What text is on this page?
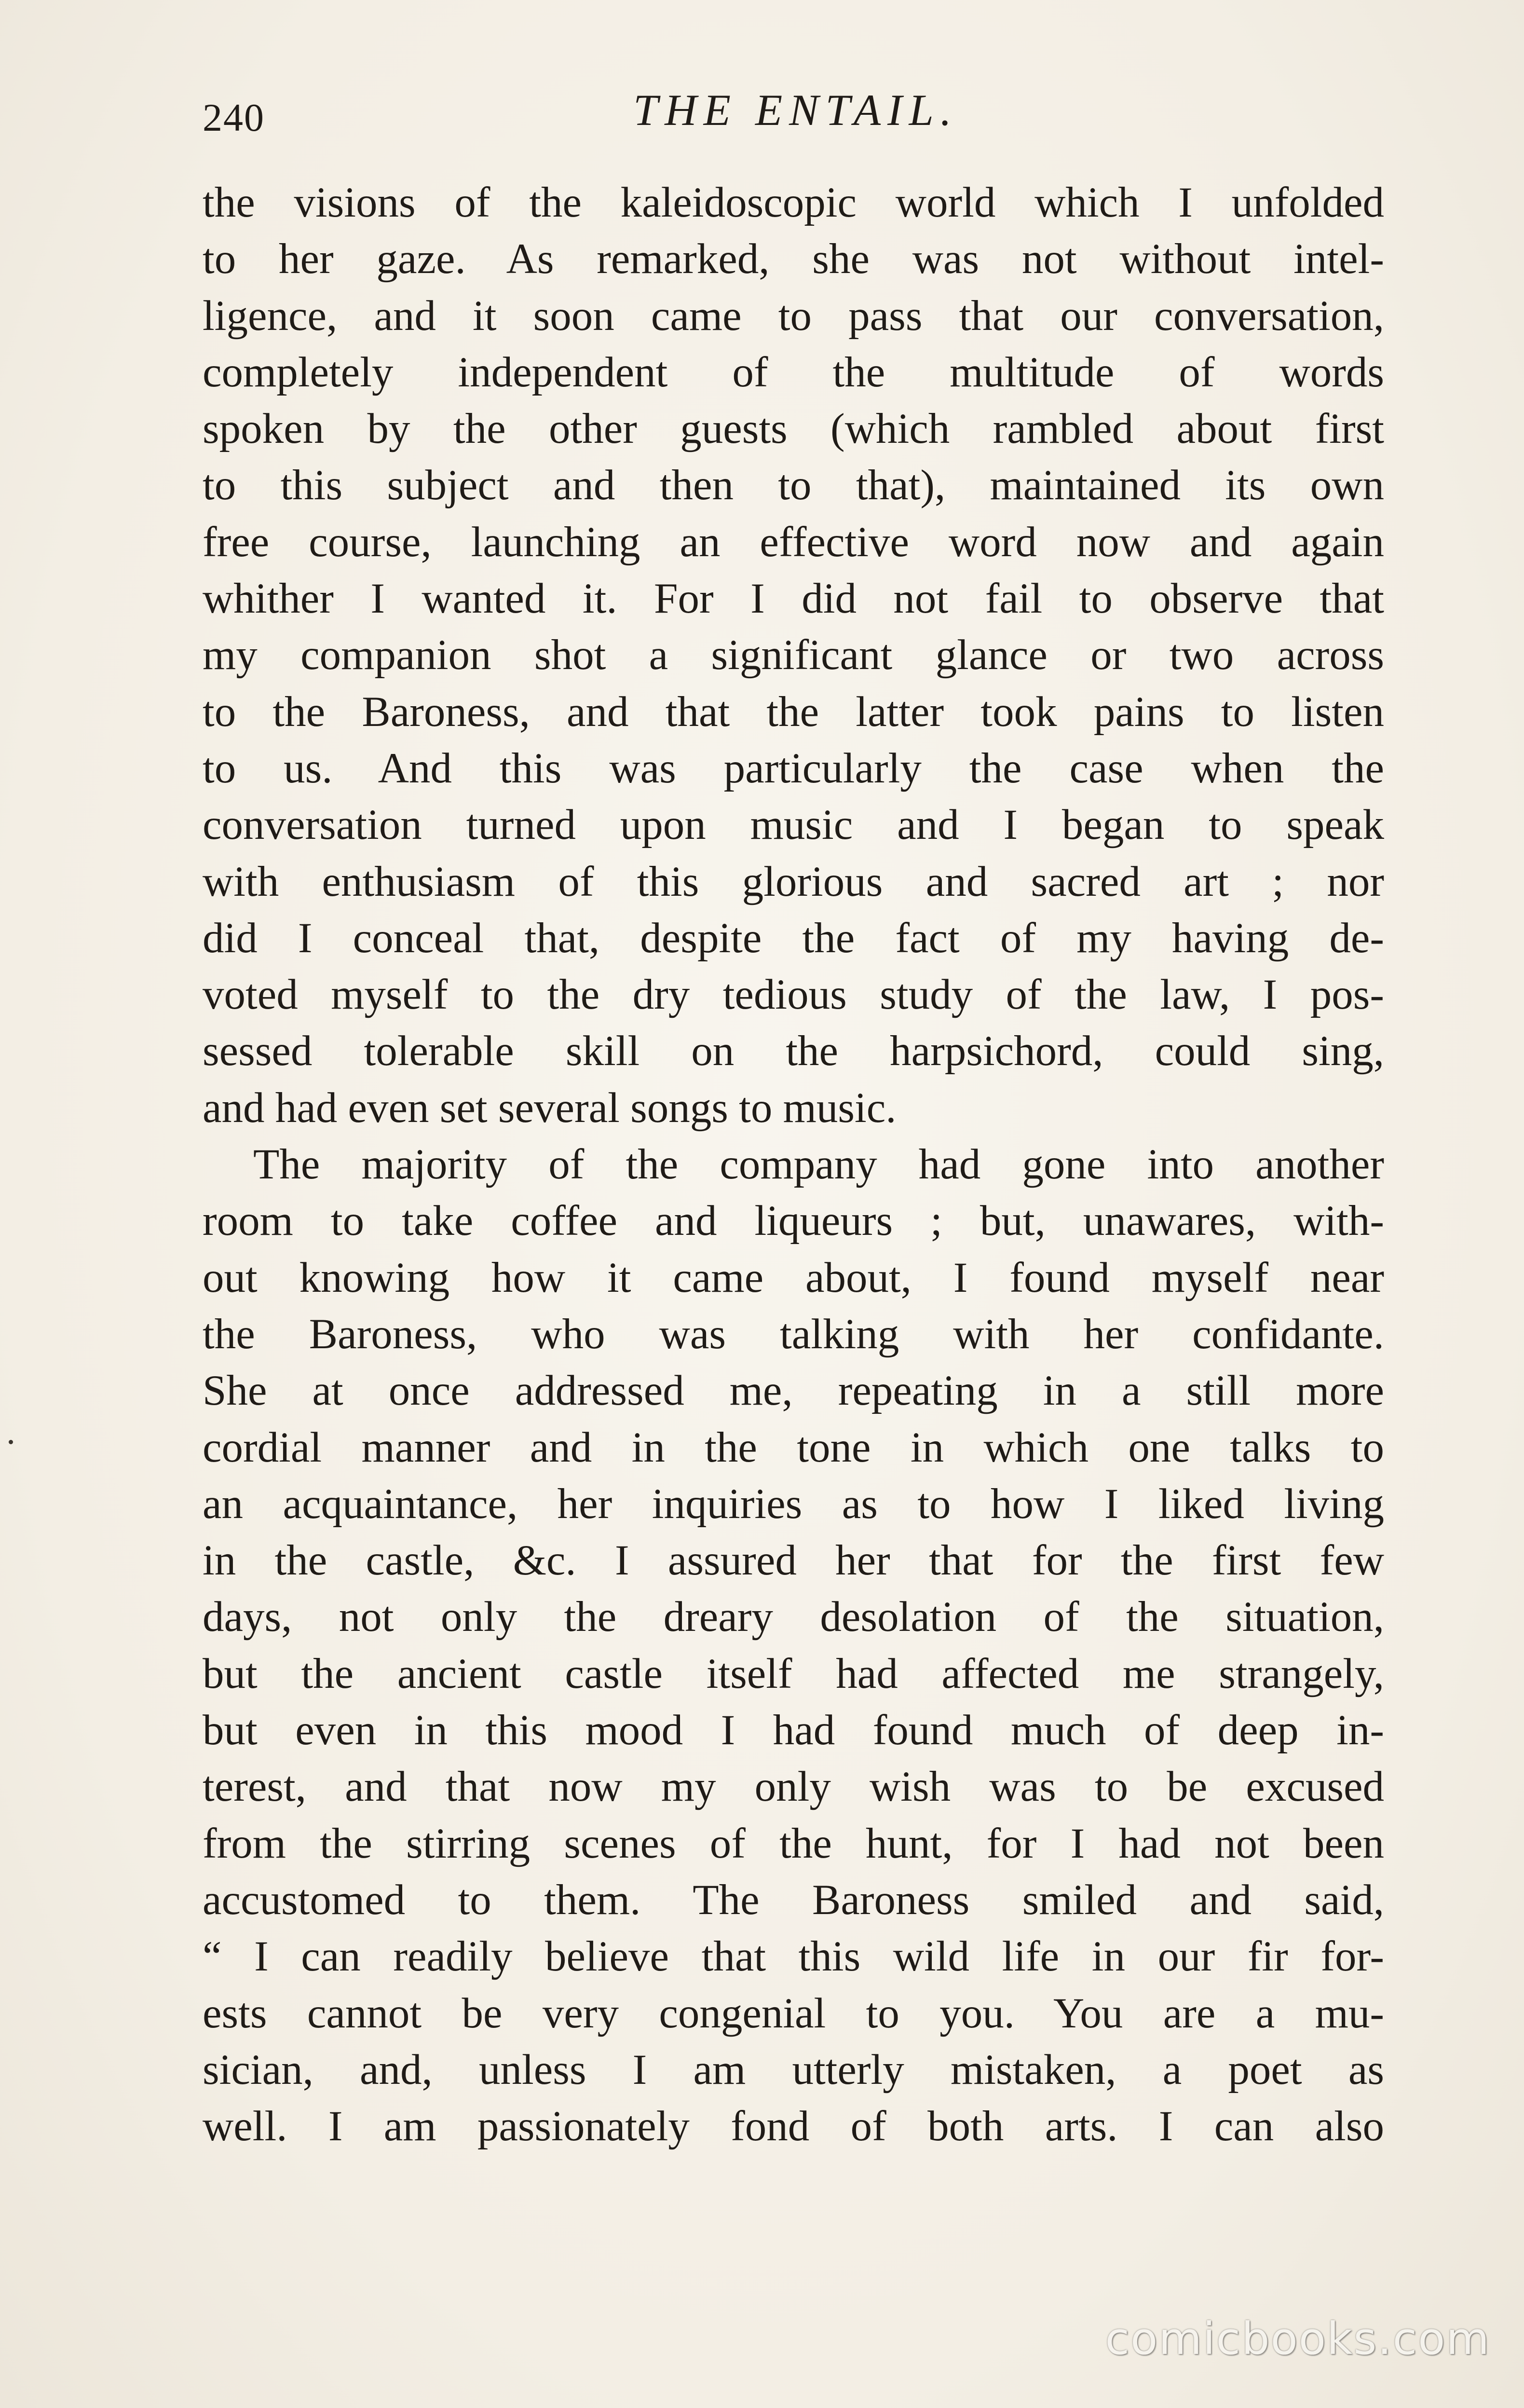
240	THE ENTAIL.
the visions of the kaleidoscopic world which I unfolded
to her gaze. As remarked, she was not without intel-
ligence, and it soon came to pass that our conversation,
completely independent of the multitude of words
spoken by the other guests (which rambled about first
to this subject and then to that), maintained its own
free course, launching an effective word now and again
whither I wanted it. For I did not fail to observe that
my companion shot a significant glance or two across
to the Baroness, and that the latter took pains to listen
to us. And this was particularly the case when the
conversation turned upon music and I began to speak
with enthusiasm of this glorious and sacred art ; nor
did I conceal that, despite the fact of my having de-
voted myself to the dry tedious study of the law, I pos-
sessed tolerable skill on the harpsichord, could sing,
and had even set several songs to music.
The majority of the company had gone into another
room to take coffee and liqueurs ; but, unawares, with-
out knowing how it came about, I found myself near
the Baroness, who was talking with her confidante.
She at once addressed me, repeating in a still more
cordial manner and in the tone in which one talks to
an acquaintance, her inquiries as to how I liked living
in the castle, &c. I assured her that for the first few
days, not only the dreary desolation of the situation,
but the ancient castle itself had affected me strangely,
but even in this mood I had found much of deep in-
terest, and that now my only wish was to be excused
from the stirring scenes of the hunt, for I had not been
accustomed to them. The Baroness smiled and said,
“ I can readily believe that this wild life in our fir for-
ests cannot be very congenial to you. You are a mu-
sician, and, unless I am utterly mistaken, a poet as
well. I am passionately fond of both arts. I can also
comicbooks.com
